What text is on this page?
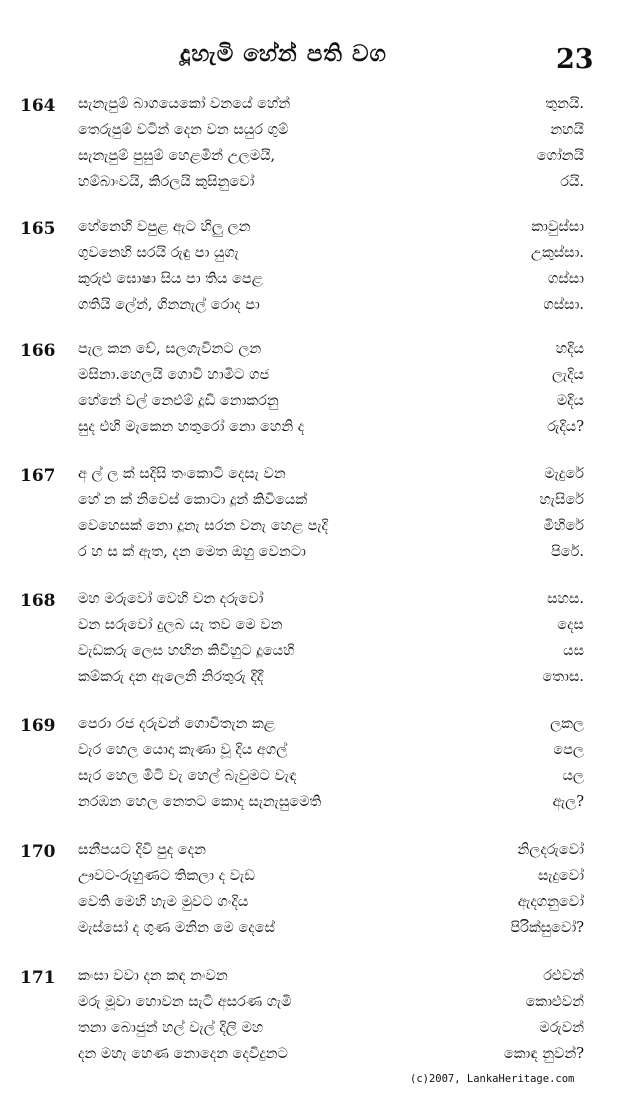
දූහැමි හේන් පති වග	23
164 සැනැපුම් බාගයෙකෝ වනයේ හේන්	තුනයි.
තෙරුපුම් වටින් දෙන වන සයුර ගුම්	නහයි
සැනැපුම් පුසුම් හෙළමින් උලමයි,	ගෝනයි
හම්බාංවයි, කිරලයි කුසිනුවෝ	රයි.
165 හේනෙහි වපුළ ඇට හිලු ලන	කාවුස්සා
ගුවනෙහි සරයි රුඳු පා යුගැ	උකුස්සා.
කුරුළු ඝොෂා සිය පා තිය පෙළ	ගස්සා
ගතියි ලේන්, ගිනනැල් රොද පා	ගස්සා.
166 පැල කන චේ, සලගැවිනට ලන	හදිය
මසිනා.හෙලයි ගොවි හාමිට ගජ	ලැදිය
හේනේ වල් නෙළුම් දූඩි නොකරනු	මදිය
සුද එහි මැකෙන හතුරෝ නො හෙනි ද	රුදිය?
167 අ ල් ල ක් සදිසි තංකොටි දෙසැ වන	මැදුරේ
හේ න ක් නිවෙස් කොටා දූන් කිවියෙක්	හැසිරේ
වෙහෙසක් නො දූනැ සරන වනැ හෙළ පැදි	මිහිරේ
ර හ ස ක් ඇත, දන මෙත ඔහු වෙනටා	පිරේ.
168 මහ මරුවෝ වෙහි වන දරුවෝ	සහස.
වන සරුවෝ දුලබ යැ තව මෙ වන	දෙස
වැඩකරු ලෙස හඟින කිවිහුට දූයෙහි	යස
කම්කරු දන ඇලෙනි නිරතුරු දිදී	තොස.
169 පෙරා රජ දරුවන් ගොවිතැන කළ	ලකල
වැර හෙල යොදා කැණා වූ දිය අගල්	පෙල
සැර හෙල මිටි වැ හෙල් බැවුමට වැඳ	යල
නරඹන හෙල නෙතට කොද සැනැසුමෙති	ඇල?
170 සනීපයට දිවි පුද දෙන	නිලදරුවෝ
ඌවට-රුහුණට තිකලා ද වැඩ	සැදුවෝ
වෙති මෙහි හැම මුවට ගංදිය	ඇදගනුවෝ
මැස්සෝ ද ගුණ මනින මෙ දෙසේ	පිරික්සුවෝ?
171 කංසා වවා දන කඳ නංවන	රළුවන්
මරු මූවා හොවන සැටි අසරණ ගැමි	කොළුවන්
තනා බොජුන් හල් වැල් දිලි මහ	මරුවන්
දන මහැ හෙණ නොදෙන දෙවිදුනට	කොඳ නුවන්?
(c)2007, LankaHeritage.com
